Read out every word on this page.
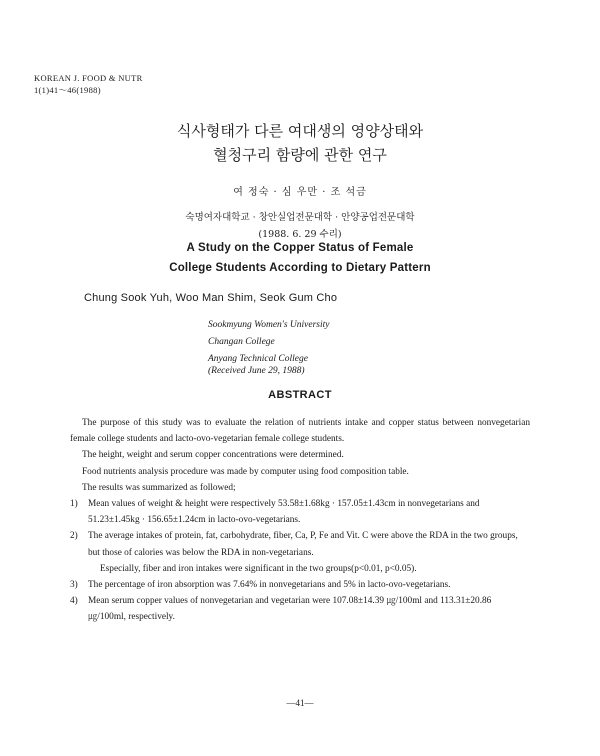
KOREAN J. FOOD & NUTR
1(1)41～46(1988)
식사형태가 다른 여대생의 영양상태와
혈청구리 함량에 관한 연구
여 정숙 · 심 우만 · 조 석금
숙명여자대학교 · 창안실업전문대학 · 안양공업전문대학
(1988. 6. 29 수리)
A Study on the Copper Status of Female
College Students According to Dietary Pattern
Chung Sook Yuh, Woo Man Shim, Seok Gum Cho
Sookmyung Women's University
Changan College
Anyang Technical College
(Received June 29, 1988)
ABSTRACT

The purpose of this study was to evaluate the relation of nutrients intake and copper status between nonvegetarian female college students and lacto-ovo-vegetarian female college students.

The height, weight and serum copper concentrations were determined.

Food nutrients analysis procedure was made by computer using food composition table.

The results was summarized as followed;

1)	Mean values of weight & height were respectively 53.58±1.68kg · 157.05±1.43cm in nonvegetarians and 51.23±1.45kg · 156.65±1.24cm in lacto-ovo-vegetarians.
2)	The average intakes of protein, fat, carbohydrate, fiber, Ca, P, Fe and Vit. C were above the RDA in the two groups, but those of calories was below the RDA in non-vegetarians.

Especially, fiber and iron intakes were significant in the two groups(p<0.01, p<0.05).

3)	The percentage of iron absorption was 7.64% in nonvegetarians and 5% in lacto-ovo-vegetarians.
4)	Mean serum copper values of nonvegetarian and vegetarian were 107.08±14.39 ㎍/100ml and 113.31±20.86 ㎍/100ml, respectively.
—41—
